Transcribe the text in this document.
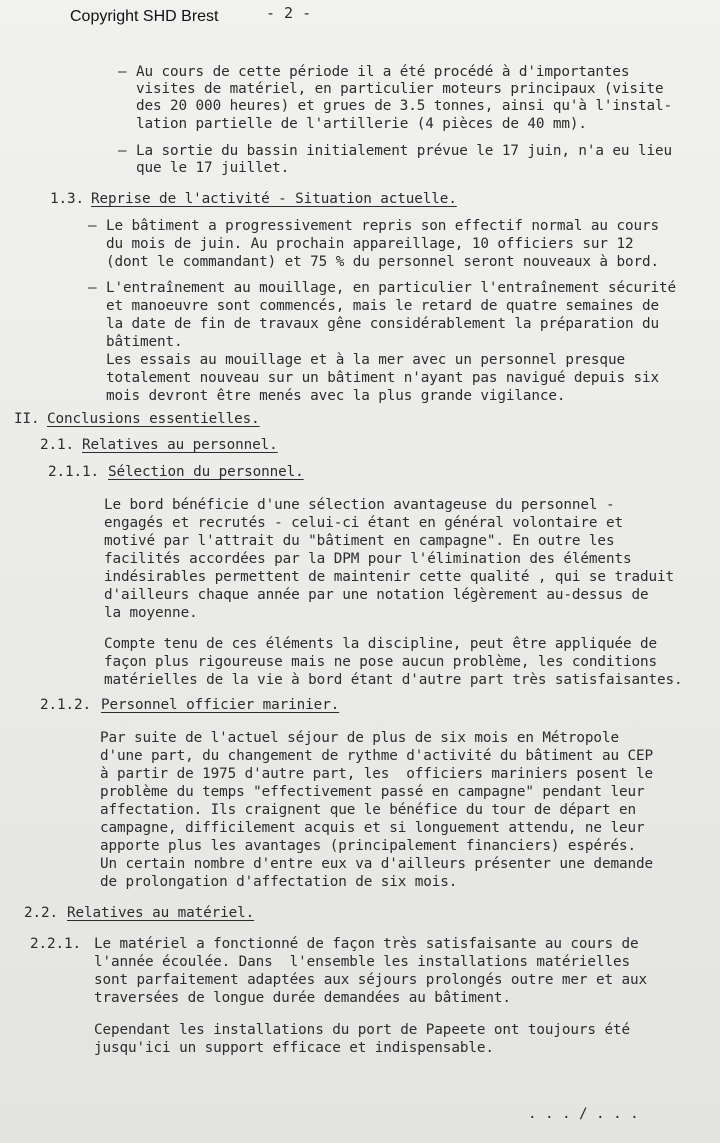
Copyright SHD Brest	- 2 -
– Au cours de cette période il a été procédé à d'importantes
visites de matériel, en particulier moteurs principaux (visite
des 20 000 heures) et grues de 3.5 tonnes, ainsi qu'à l'instal-
lation partielle de l'artillerie (4 pièces de 40 mm).
– La sortie du bassin initialement prévue le 17 juin, n'a eu lieu
que le 17 juillet.
1.3. Reprise de l'activité - Situation actuelle.
– Le bâtiment a progressivement repris son effectif normal au cours
du mois de juin. Au prochain appareillage, 10 officiers sur 12
(dont le commandant) et 75 % du personnel seront nouveaux à bord.
– L'entraînement au mouillage, en particulier l'entraînement sécurité
et manoeuvre sont commencés, mais le retard de quatre semaines de
la date de fin de travaux gêne considérablement la préparation du
bâtiment.
Les essais au mouillage et à la mer avec un personnel presque
totalement nouveau sur un bâtiment n'ayant pas navigué depuis six
mois devront être menés avec la plus grande vigilance.
II. Conclusions essentielles.
2.1. Relatives au personnel.
2.1.1. Sélection du personnel.
Le bord bénéficie d'une sélection avantageuse du personnel -
engagés et recrutés - celui-ci étant en général volontaire et
motivé par l'attrait du "bâtiment en campagne". En outre les
facilités accordées par la DPM pour l'élimination des éléments
indésirables permettent de maintenir cette qualité , qui se traduit
d'ailleurs chaque année par une notation légèrement au-dessus de
la moyenne.
Compte tenu de ces éléments la discipline, peut être appliquée de
façon plus rigoureuse mais ne pose aucun problème, les conditions
matérielles de la vie à bord étant d'autre part très satisfaisantes.
2.1.2. Personnel officier marinier.
Par suite de l'actuel séjour de plus de six mois en Métropole
d'une part, du changement de rythme d'activité du bâtiment au CEP
à partir de 1975 d'autre part, les  officiers mariniers posent le
problème du temps "effectivement passé en campagne" pendant leur
affectation. Ils craignent que le bénéfice du tour de départ en
campagne, difficilement acquis et si longuement attendu, ne leur
apporte plus les avantages (principalement financiers) espérés.
Un certain nombre d'entre eux va d'ailleurs présenter une demande
de prolongation d'affectation de six mois.
2.2. Relatives au matériel.
2.2.1. Le matériel a fonctionné de façon très satisfaisante au cours de
l'année écoulée. Dans  l'ensemble les installations matérielles
sont parfaitement adaptées aux séjours prolongés outre mer et aux
traversées de longue durée demandées au bâtiment.
Cependant les installations du port de Papeete ont toujours été
jusqu'ici un support efficace et indispensable.
. . . / . . .
